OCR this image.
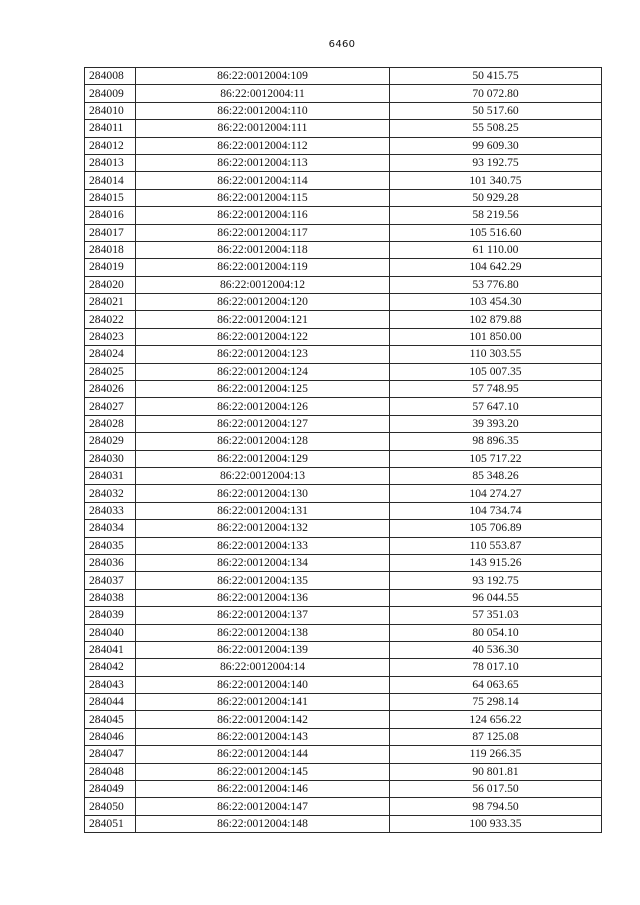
6460
284008	86:22:0012004:109	50 415.75
284009	86:22:0012004:11	70 072.80
284010	86:22:0012004:110	50 517.60
284011	86:22:0012004:111	55 508.25
284012	86:22:0012004:112	99 609.30
284013	86:22:0012004:113	93 192.75
284014	86:22:0012004:114	101 340.75
284015	86:22:0012004:115	50 929.28
284016	86:22:0012004:116	58 219.56
284017	86:22:0012004:117	105 516.60
284018	86:22:0012004:118	61 110.00
284019	86:22:0012004:119	104 642.29
284020	86:22:0012004:12	53 776.80
284021	86:22:0012004:120	103 454.30
284022	86:22:0012004:121	102 879.88
284023	86:22:0012004:122	101 850.00
284024	86:22:0012004:123	110 303.55
284025	86:22:0012004:124	105 007.35
284026	86:22:0012004:125	57 748.95
284027	86:22:0012004:126	57 647.10
284028	86:22:0012004:127	39 393.20
284029	86:22:0012004:128	98 896.35
284030	86:22:0012004:129	105 717.22
284031	86:22:0012004:13	85 348.26
284032	86:22:0012004:130	104 274.27
284033	86:22:0012004:131	104 734.74
284034	86:22:0012004:132	105 706.89
284035	86:22:0012004:133	110 553.87
284036	86:22:0012004:134	143 915.26
284037	86:22:0012004:135	93 192.75
284038	86:22:0012004:136	96 044.55
284039	86:22:0012004:137	57 351.03
284040	86:22:0012004:138	80 054.10
284041	86:22:0012004:139	40 536.30
284042	86:22:0012004:14	78 017.10
284043	86:22:0012004:140	64 063.65
284044	86:22:0012004:141	75 298.14
284045	86:22:0012004:142	124 656.22
284046	86:22:0012004:143	87 125.08
284047	86:22:0012004:144	119 266.35
284048	86:22:0012004:145	90 801.81
284049	86:22:0012004:146	56 017.50
284050	86:22:0012004:147	98 794.50
284051	86:22:0012004:148	100 933.35
